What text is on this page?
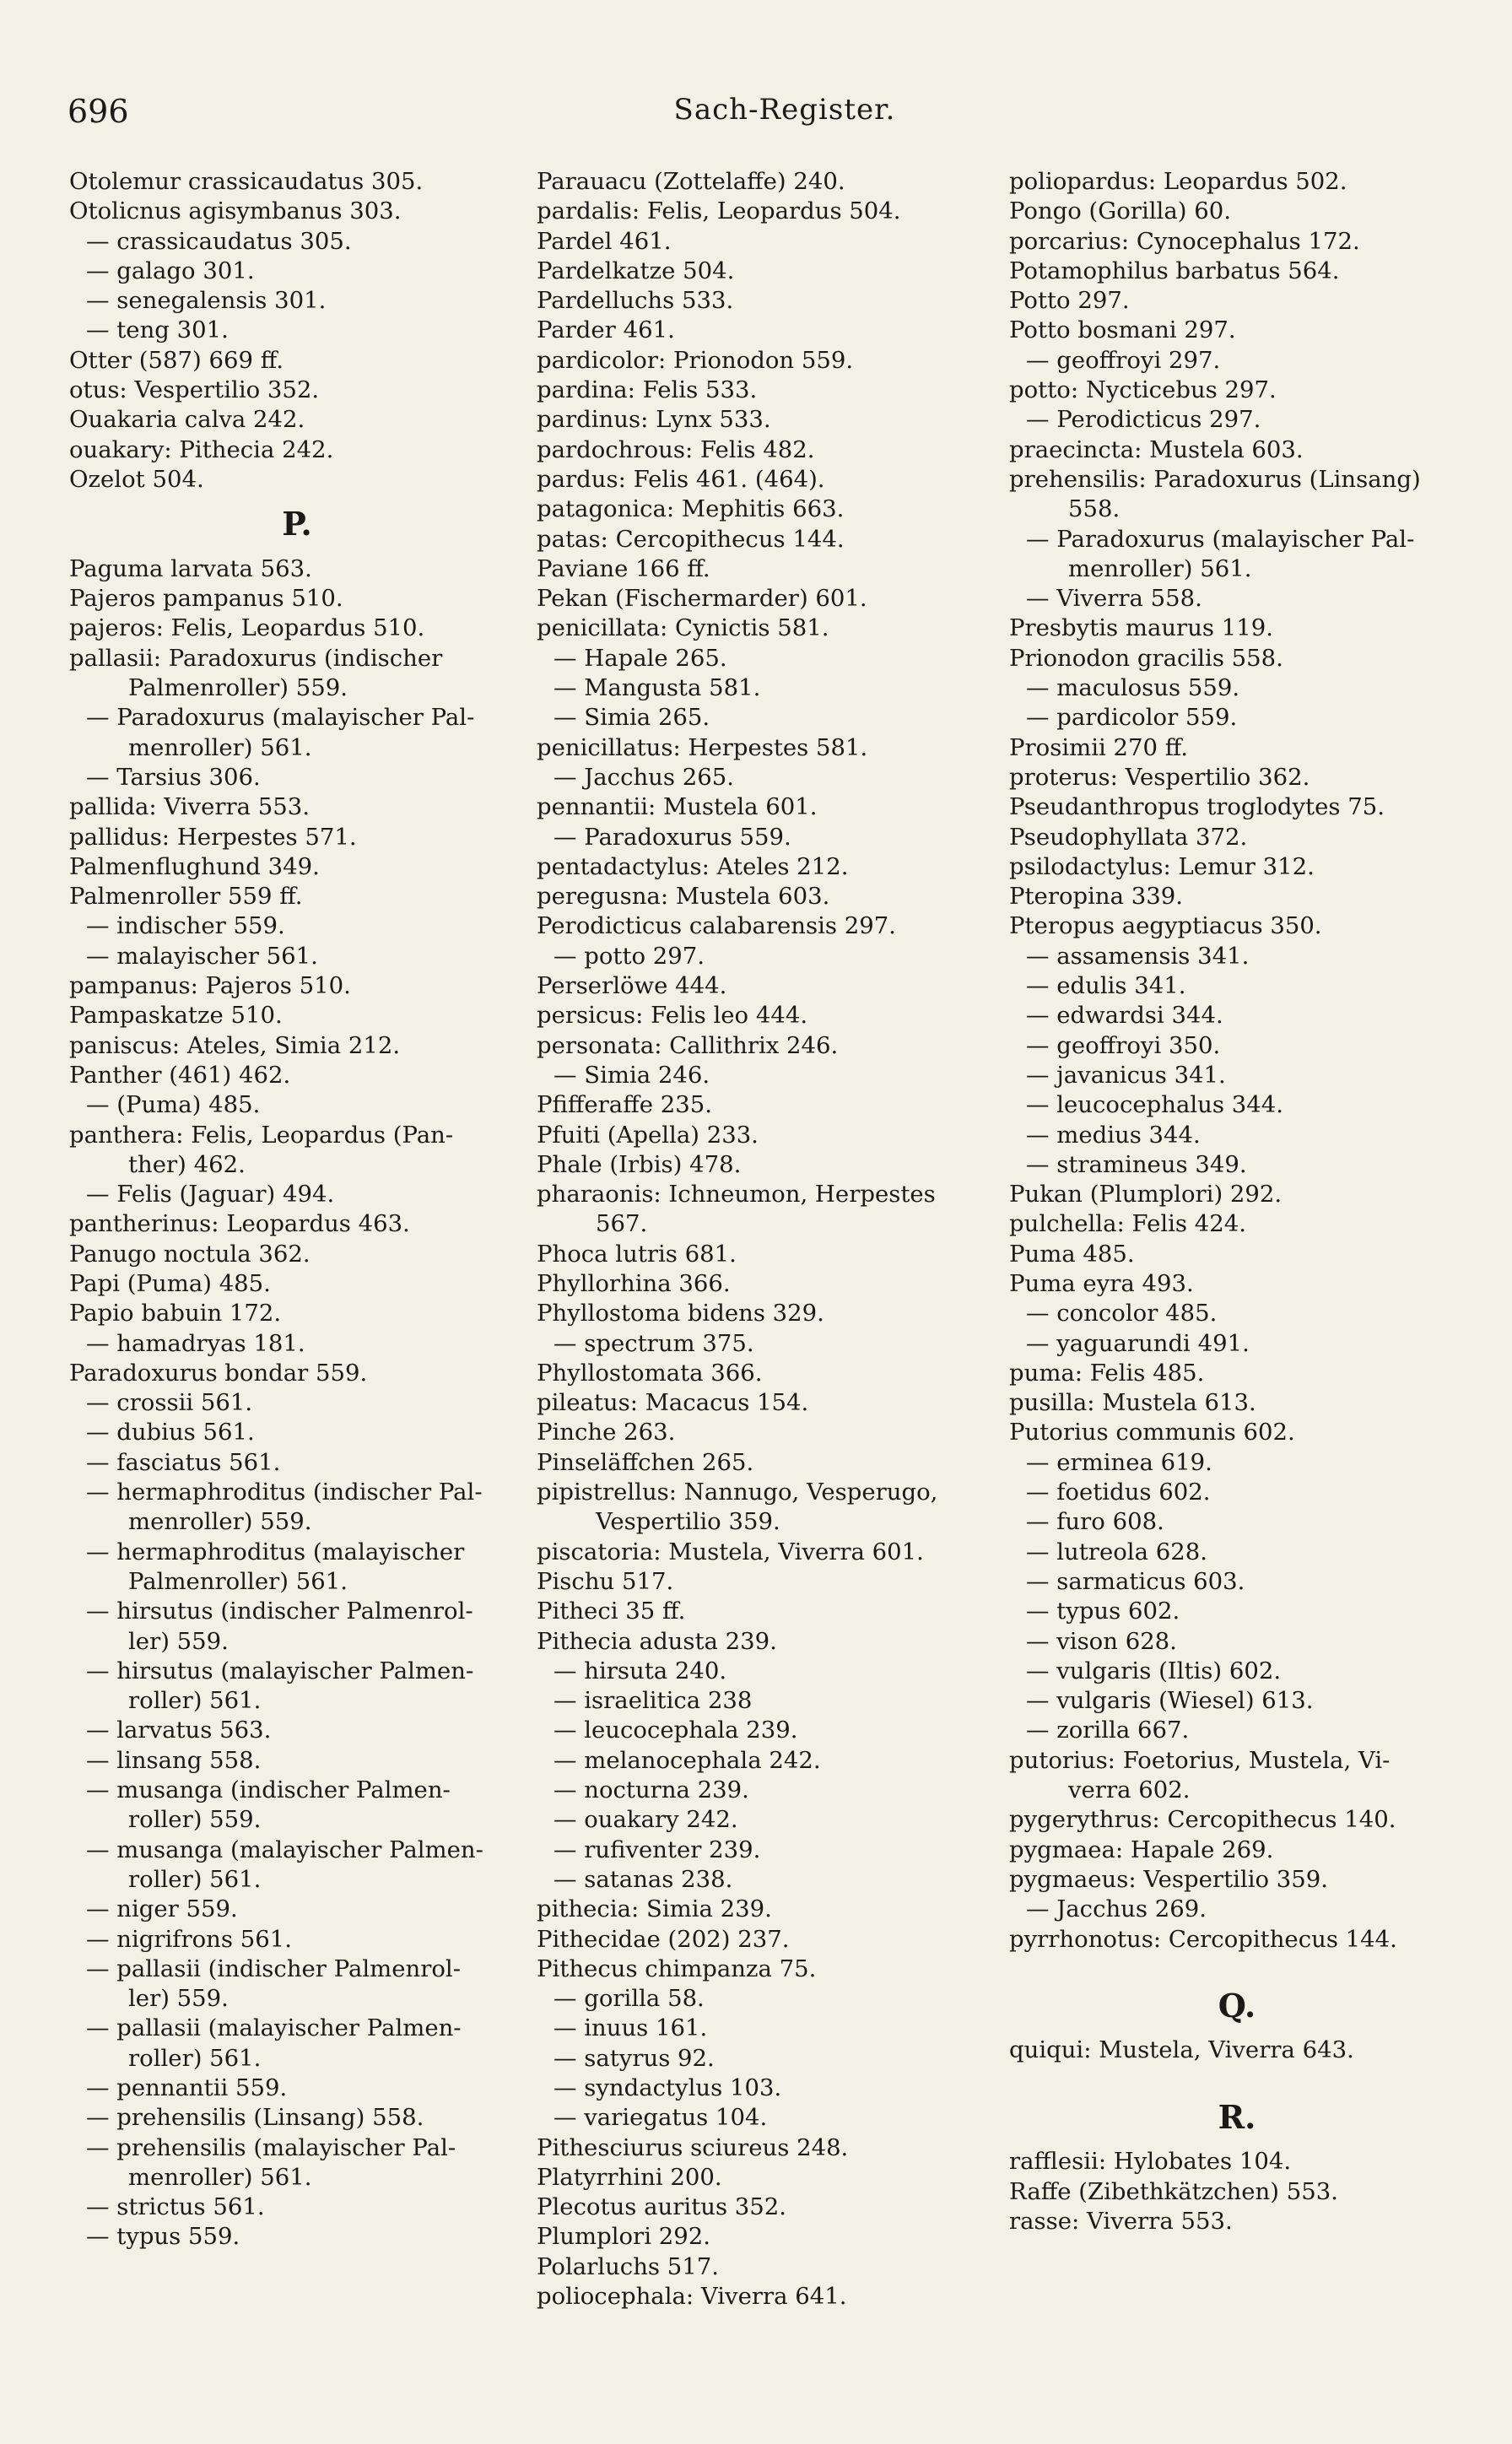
696	Sach-Register.
Otolemur crassicaudatus 305.
Otolicnus agisymbanus 303.
— crassicaudatus 305.
— galago 301.
— senegalensis 301.
— teng 301.
Otter (587) 669 ff.
otus: Vespertilio 352.
Ouakaria calva 242.
ouakary: Pithecia 242.
Ozelot 504.
P.
Paguma larvata 563.
Pajeros pampanus 510.
pajeros: Felis, Leopardus 510.
pallasii: Paradoxurus (indischer
Palmenroller) 559.
— Paradoxurus (malayischer Pal-
menroller) 561.
— Tarsius 306.
pallida: Viverra 553.
pallidus: Herpestes 571.
Palmenflughund 349.
Palmenroller 559 ff.
— indischer 559.
— malayischer 561.
pampanus: Pajeros 510.
Pampaskatze 510.
paniscus: Ateles, Simia 212.
Panther (461) 462.
— (Puma) 485.
panthera: Felis, Leopardus (Pan-
ther) 462.
— Felis (Jaguar) 494.
pantherinus: Leopardus 463.
Panugo noctula 362.
Papi (Puma) 485.
Papio babuin 172.
— hamadryas 181.
Paradoxurus bondar 559.
— crossii 561.
— dubius 561.
— fasciatus 561.
— hermaphroditus (indischer Pal-
menroller) 559.
— hermaphroditus (malayischer
Palmenroller) 561.
— hirsutus (indischer Palmenrol-
ler) 559.
— hirsutus (malayischer Palmen-
roller) 561.
— larvatus 563.
— linsang 558.
— musanga (indischer Palmen-
roller) 559.
— musanga (malayischer Palmen-
roller) 561.
— niger 559.
— nigrifrons 561.
— pallasii (indischer Palmenrol-
ler) 559.
— pallasii (malayischer Palmen-
roller) 561.
— pennantii 559.
— prehensilis (Linsang) 558.
— prehensilis (malayischer Pal-
menroller) 561.
— strictus 561.
— typus 559.
Parauacu (Zottelaffe) 240.
pardalis: Felis, Leopardus 504.
Pardel 461.
Pardelkatze 504.
Pardelluchs 533.
Parder 461.
pardicolor: Prionodon 559.
pardina: Felis 533.
pardinus: Lynx 533.
pardochrous: Felis 482.
pardus: Felis 461. (464).
patagonica: Mephitis 663.
patas: Cercopithecus 144.
Paviane 166 ff.
Pekan (Fischermarder) 601.
penicillata: Cynictis 581.
— Hapale 265.
— Mangusta 581.
— Simia 265.
penicillatus: Herpestes 581.
— Jacchus 265.
pennantii: Mustela 601.
— Paradoxurus 559.
pentadactylus: Ateles 212.
peregusna: Mustela 603.
Perodicticus calabarensis 297.
— potto 297.
Perserlöwe 444.
persicus: Felis leo 444.
personata: Callithrix 246.
— Simia 246.
Pfifferaffe 235.
Pfuiti (Apella) 233.
Phale (Irbis) 478.
pharaonis: Ichneumon, Herpestes
567.
Phoca lutris 681.
Phyllorhina 366.
Phyllostoma bidens 329.
— spectrum 375.
Phyllostomata 366.
pileatus: Macacus 154.
Pinche 263.
Pinseläffchen 265.
pipistrellus: Nannugo, Vesperugo,
Vespertilio 359.
piscatoria: Mustela, Viverra 601.
Pischu 517.
Pitheci 35 ff.
Pithecia adusta 239.
— hirsuta 240.
— israelitica 238
— leucocephala 239.
— melanocephala 242.
— nocturna 239.
— ouakary 242.
— rufiventer 239.
— satanas 238.
pithecia: Simia 239.
Pithecidae (202) 237.
Pithecus chimpanza 75.
— gorilla 58.
— inuus 161.
— satyrus 92.
— syndactylus 103.
— variegatus 104.
Pithesciurus sciureus 248.
Platyrrhini 200.
Plecotus auritus 352.
Plumplori 292.
Polarluchs 517.
poliocephala: Viverra 641.
poliopardus: Leopardus 502.
Pongo (Gorilla) 60.
porcarius: Cynocephalus 172.
Potamophilus barbatus 564.
Potto 297.
Potto bosmani 297.
— geoffroyi 297.
potto: Nycticebus 297.
— Perodicticus 297.
praecincta: Mustela 603.
prehensilis: Paradoxurus (Linsang)
558.
— Paradoxurus (malayischer Pal-
menroller) 561.
— Viverra 558.
Presbytis maurus 119.
Prionodon gracilis 558.
— maculosus 559.
— pardicolor 559.
Prosimii 270 ff.
proterus: Vespertilio 362.
Pseudanthropus troglodytes 75.
Pseudophyllata 372.
psilodactylus: Lemur 312.
Pteropina 339.
Pteropus aegyptiacus 350.
— assamensis 341.
— edulis 341.
— edwardsi 344.
— geoffroyi 350.
— javanicus 341.
— leucocephalus 344.
— medius 344.
— stramineus 349.
Pukan (Plumplori) 292.
pulchella: Felis 424.
Puma 485.
Puma eyra 493.
— concolor 485.
— yaguarundi 491.
puma: Felis 485.
pusilla: Mustela 613.
Putorius communis 602.
— erminea 619.
— foetidus 602.
— furo 608.
— lutreola 628.
— sarmaticus 603.
— typus 602.
— vison 628.
— vulgaris (Iltis) 602.
— vulgaris (Wiesel) 613.
— zorilla 667.
putorius: Foetorius, Mustela, Vi-
verra 602.
pygerythrus: Cercopithecus 140.
pygmaea: Hapale 269.
pygmaeus: Vespertilio 359.
— Jacchus 269.
pyrrhonotus: Cercopithecus 144.
Q.
quiqui: Mustela, Viverra 643.
R.
rafflesii: Hylobates 104.
Raffe (Zibethkätzchen) 553.
rasse: Viverra 553.
